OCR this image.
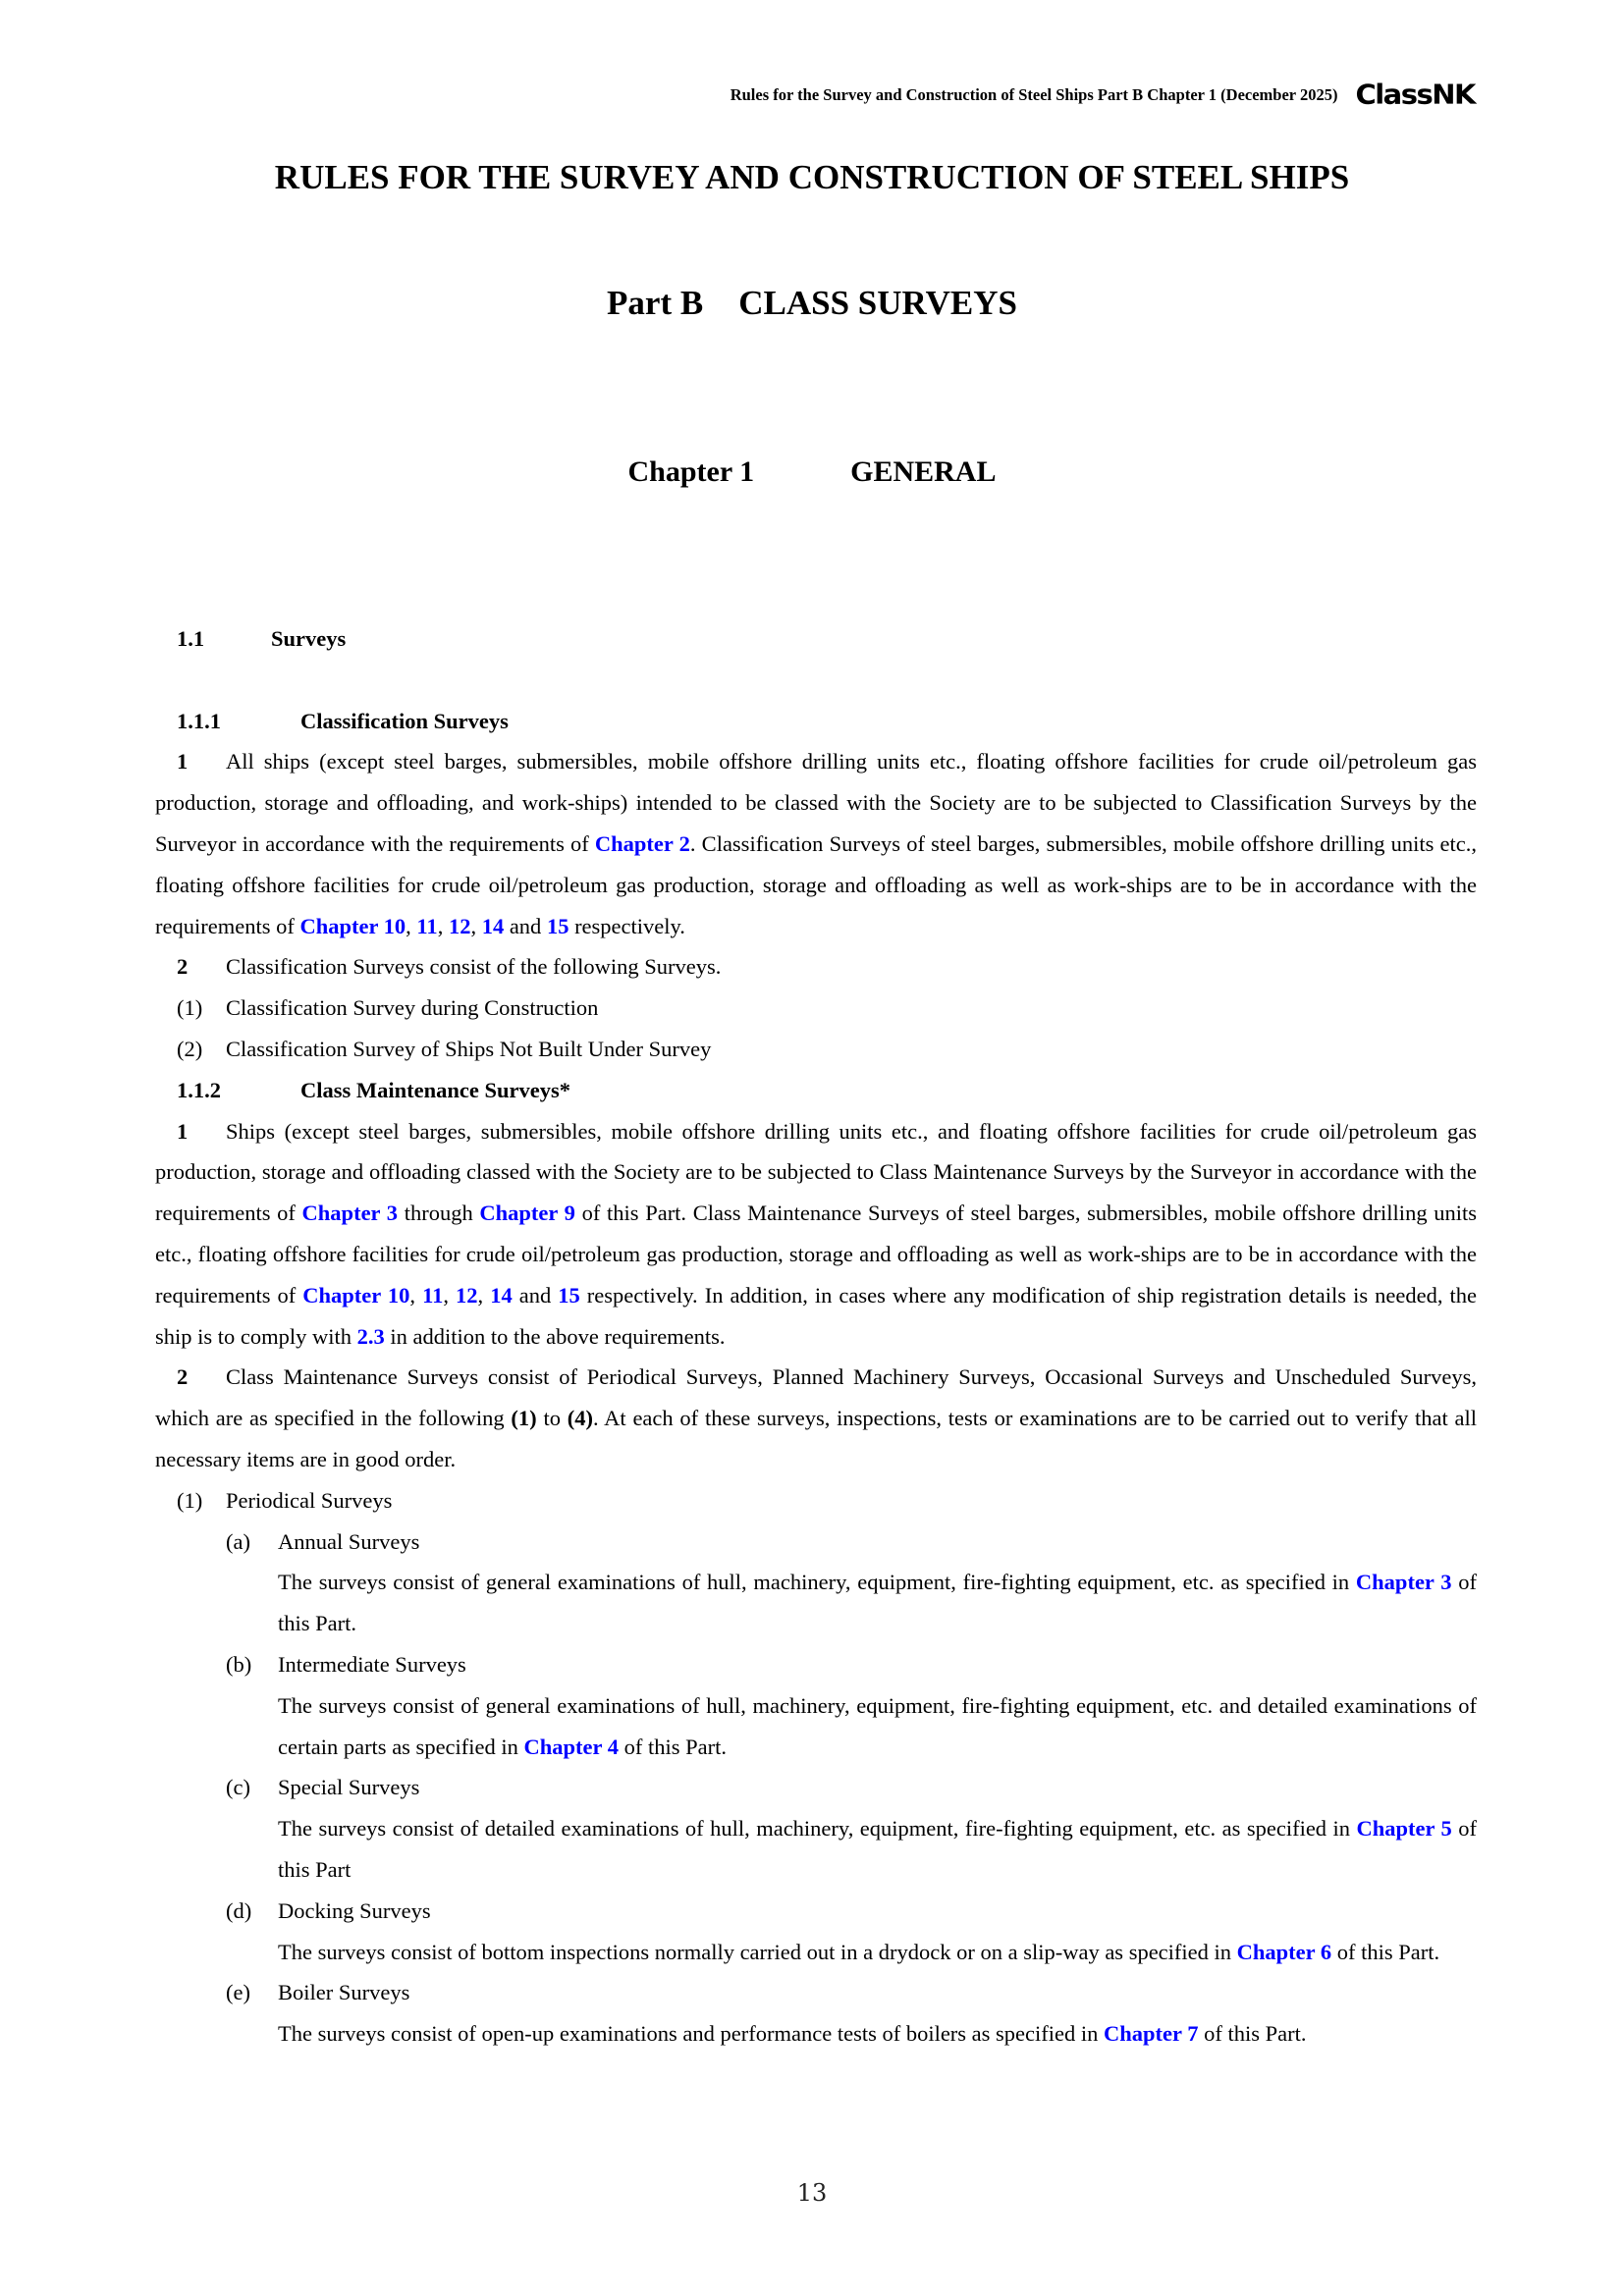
Rules for the Survey and Construction of Steel Ships Part B Chapter 1 (December 2025) ClassNK
RULES FOR THE SURVEY AND CONSTRUCTION OF STEEL SHIPS
Part B CLASS SURVEYS
Chapter 1	GENERAL
1.1	Surveys
1.1.1	Classification Surveys

1 All ships (except steel barges, submersibles, mobile offshore drilling units etc., floating offshore facilities for crude oil/petroleum gas production, storage and offloading, and work-ships) intended to be classed with the Society are to be subjected to Classification Surveys by the Surveyor in accordance with the requirements of Chapter 2. Classification Surveys of steel barges, submersibles, mobile offshore drilling units etc., floating offshore facilities for crude oil/petroleum gas production, storage and offloading as well as work-ships are to be in accordance with the requirements of Chapter 10, 11, 12, 14 and 15 respectively.

2 Classification Surveys consist of the following Surveys.

(1) Classification Survey during Construction
(2) Classification Survey of Ships Not Built Under Survey
1.1.2	Class Maintenance Surveys*

1 Ships (except steel barges, submersibles, mobile offshore drilling units etc., and floating offshore facilities for crude oil/petroleum gas production, storage and offloading classed with the Society are to be subjected to Class Maintenance Surveys by the Surveyor in accordance with the requirements of Chapter 3 through Chapter 9 of this Part. Class Maintenance Surveys of steel barges, submersibles, mobile offshore drilling units etc., floating offshore facilities for crude oil/petroleum gas production, storage and offloading as well as work-ships are to be in accordance with the requirements of Chapter 10, 11, 12, 14 and 15 respectively. In addition, in cases where any modification of ship registration details is needed, the ship is to comply with 2.3 in addition to the above requirements.

2 Class Maintenance Surveys consist of Periodical Surveys, Planned Machinery Surveys, Occasional Surveys and Unscheduled Surveys, which are as specified in the following (1) to (4). At each of these surveys, inspections, tests or examinations are to be carried out to verify that all necessary items are in good order.

(1) Periodical Surveys
(a) Annual Surveys

The surveys consist of general examinations of hull, machinery, equipment, fire-fighting equipment, etc. as specified in Chapter 3 of this Part.

(b) Intermediate Surveys

The surveys consist of general examinations of hull, machinery, equipment, fire-fighting equipment, etc. and detailed examinations of certain parts as specified in Chapter 4 of this Part.

(c) Special Surveys

The surveys consist of detailed examinations of hull, machinery, equipment, fire-fighting equipment, etc. as specified in Chapter 5 of this Part

(d) Docking Surveys

The surveys consist of bottom inspections normally carried out in a drydock or on a slip-way as specified in Chapter 6 of this Part.

(e) Boiler Surveys

The surveys consist of open-up examinations and performance tests of boilers as specified in Chapter 7 of this Part.

13
